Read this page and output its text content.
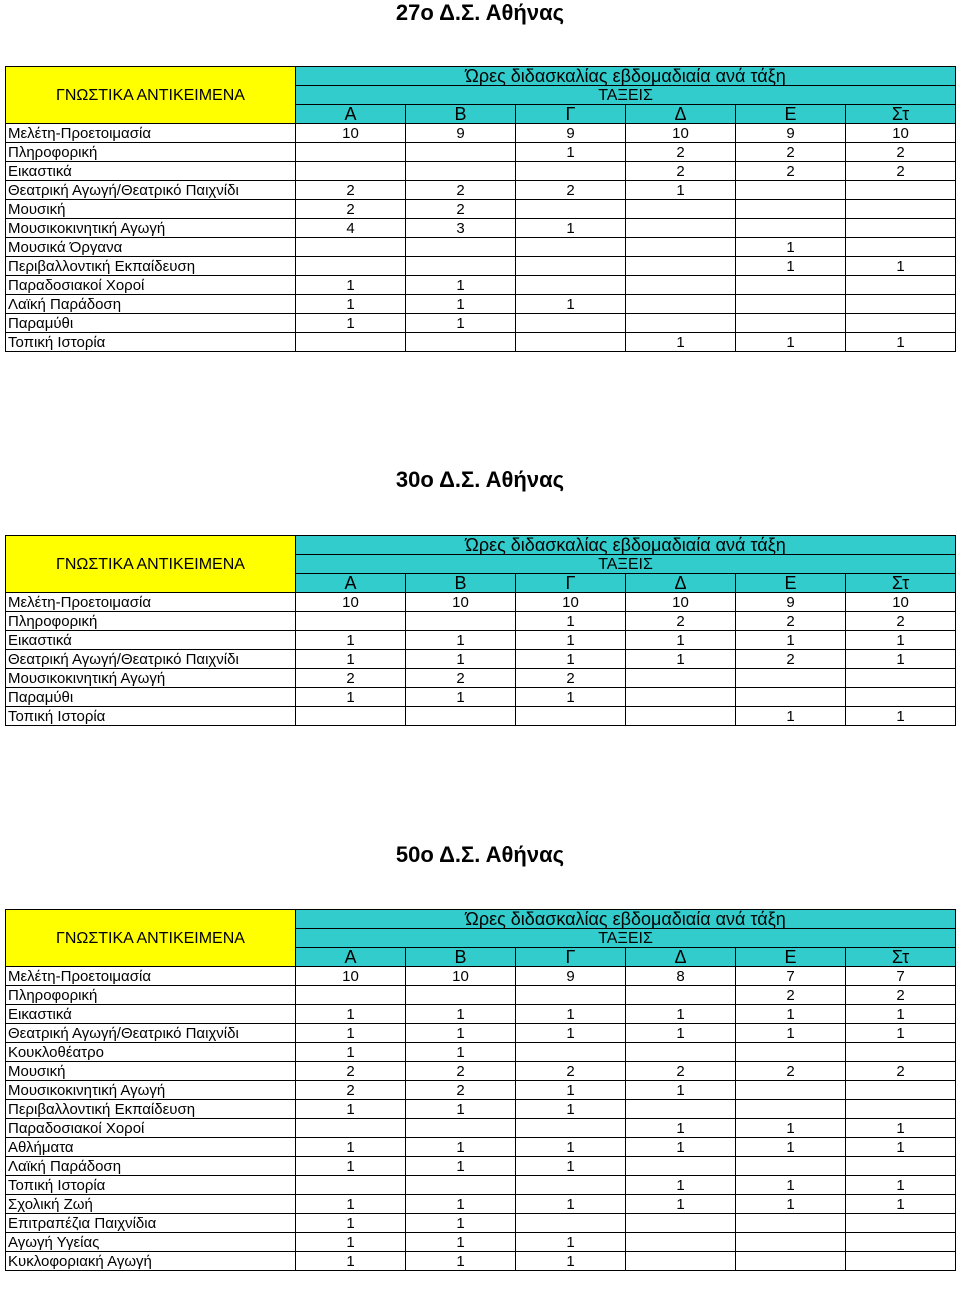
27ο Δ.Σ. Αθήνας
ΓΝΩΣΤΙΚΑ ΑΝΤΙΚΕΙΜΕΝΑ	Ώρες διδασκαλίας εβδομαδιαία ανά τάξη					
	ΤΑΞΕΙΣ					
	Α	Β	Γ	Δ	Ε	Στ
Μελέτη-Προετοιμασία	10	9	9	10	9	10
Πληροφορική			1	2	2	2
Εικαστικά				2	2	2
Θεατρική Αγωγή/Θεατρικό Παιχνίδι	2	2	2	1		
Μουσική	2	2				
Μουσικοκινητική Αγωγή	4	3	1			
Μουσικά Όργανα					1	
Περιβαλλοντική Εκπαίδευση					1	1
Παραδοσιακοί Χοροί	1	1				
Λαϊκή Παράδοση	1	1	1			
Παραμύθι	1	1				
Τοπική Ιστορία				1	1	1
30ο Δ.Σ. Αθήνας
ΓΝΩΣΤΙΚΑ ΑΝΤΙΚΕΙΜΕΝΑ	Ώρες διδασκαλίας εβδομαδιαία ανά τάξη					
	ΤΑΞΕΙΣ					
	Α	Β	Γ	Δ	Ε	Στ
Μελέτη-Προετοιμασία	10	10	10	10	9	10
Πληροφορική			1	2	2	2
Εικαστικά	1	1	1	1	1	1
Θεατρική Αγωγή/Θεατρικό Παιχνίδι	1	1	1	1	2	1
Μουσικοκινητική Αγωγή	2	2	2			
Παραμύθι	1	1	1			
Τοπική Ιστορία					1	1
50ο Δ.Σ. Αθήνας
ΓΝΩΣΤΙΚΑ ΑΝΤΙΚΕΙΜΕΝΑ	Ώρες διδασκαλίας εβδομαδιαία ανά τάξη					
	ΤΑΞΕΙΣ					
	Α	Β	Γ	Δ	Ε	Στ
Μελέτη-Προετοιμασία	10	10	9	8	7	7
Πληροφορική					2	2
Εικαστικά	1	1	1	1	1	1
Θεατρική Αγωγή/Θεατρικό Παιχνίδι	1	1	1	1	1	1
Κουκλοθέατρο	1	1				
Μουσική	2	2	2	2	2	2
Μουσικοκινητική Αγωγή	2	2	1	1		
Περιβαλλοντική Εκπαίδευση	1	1	1			
Παραδοσιακοί Χοροί				1	1	1
Αθλήματα	1	1	1	1	1	1
Λαϊκή Παράδοση	1	1	1			
Τοπική Ιστορία				1	1	1
Σχολική Ζωή	1	1	1	1	1	1
Επιτραπέζια Παιχνίδια	1	1				
Αγωγή Υγείας	1	1	1			
Κυκλοφοριακή Αγωγή	1	1	1			
